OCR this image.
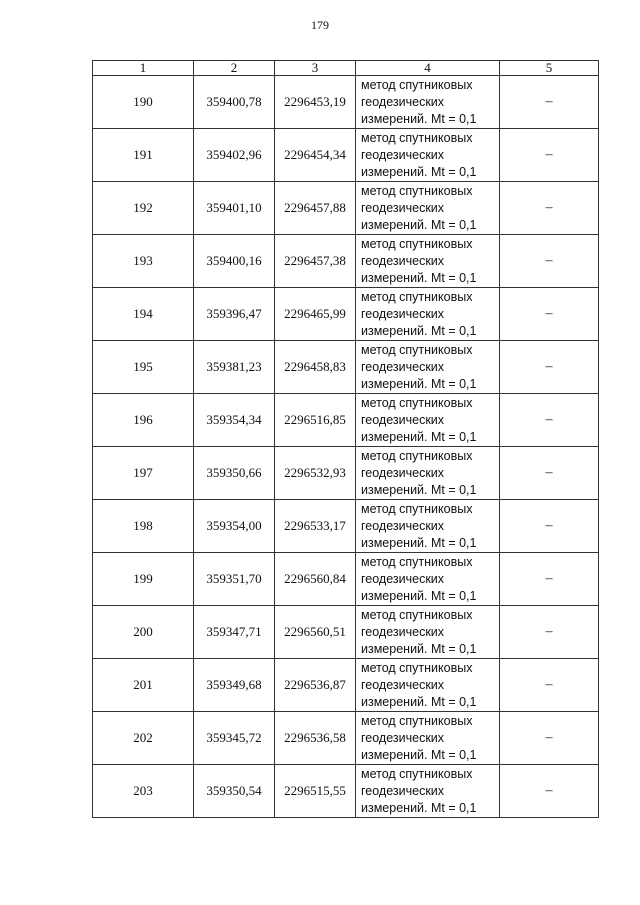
179
1	2	3	4	5
190	359400,78	2296453,19	метод спутниковых
геодезических
измерений. Mt = 0,1	–
191	359402,96	2296454,34	метод спутниковых
геодезических
измерений. Mt = 0,1	–
192	359401,10	2296457,88	метод спутниковых
геодезических
измерений. Mt = 0,1	–
193	359400,16	2296457,38	метод спутниковых
геодезических
измерений. Mt = 0,1	–
194	359396,47	2296465,99	метод спутниковых
геодезических
измерений. Mt = 0,1	–
195	359381,23	2296458,83	метод спутниковых
геодезических
измерений. Mt = 0,1	–
196	359354,34	2296516,85	метод спутниковых
геодезических
измерений. Mt = 0,1	–
197	359350,66	2296532,93	метод спутниковых
геодезических
измерений. Mt = 0,1	–
198	359354,00	2296533,17	метод спутниковых
геодезических
измерений. Mt = 0,1	–
199	359351,70	2296560,84	метод спутниковых
геодезических
измерений. Mt = 0,1	–
200	359347,71	2296560,51	метод спутниковых
геодезических
измерений. Mt = 0,1	–
201	359349,68	2296536,87	метод спутниковых
геодезических
измерений. Mt = 0,1	–
202	359345,72	2296536,58	метод спутниковых
геодезических
измерений. Mt = 0,1	–
203	359350,54	2296515,55	метод спутниковых
геодезических
измерений. Mt = 0,1	–
